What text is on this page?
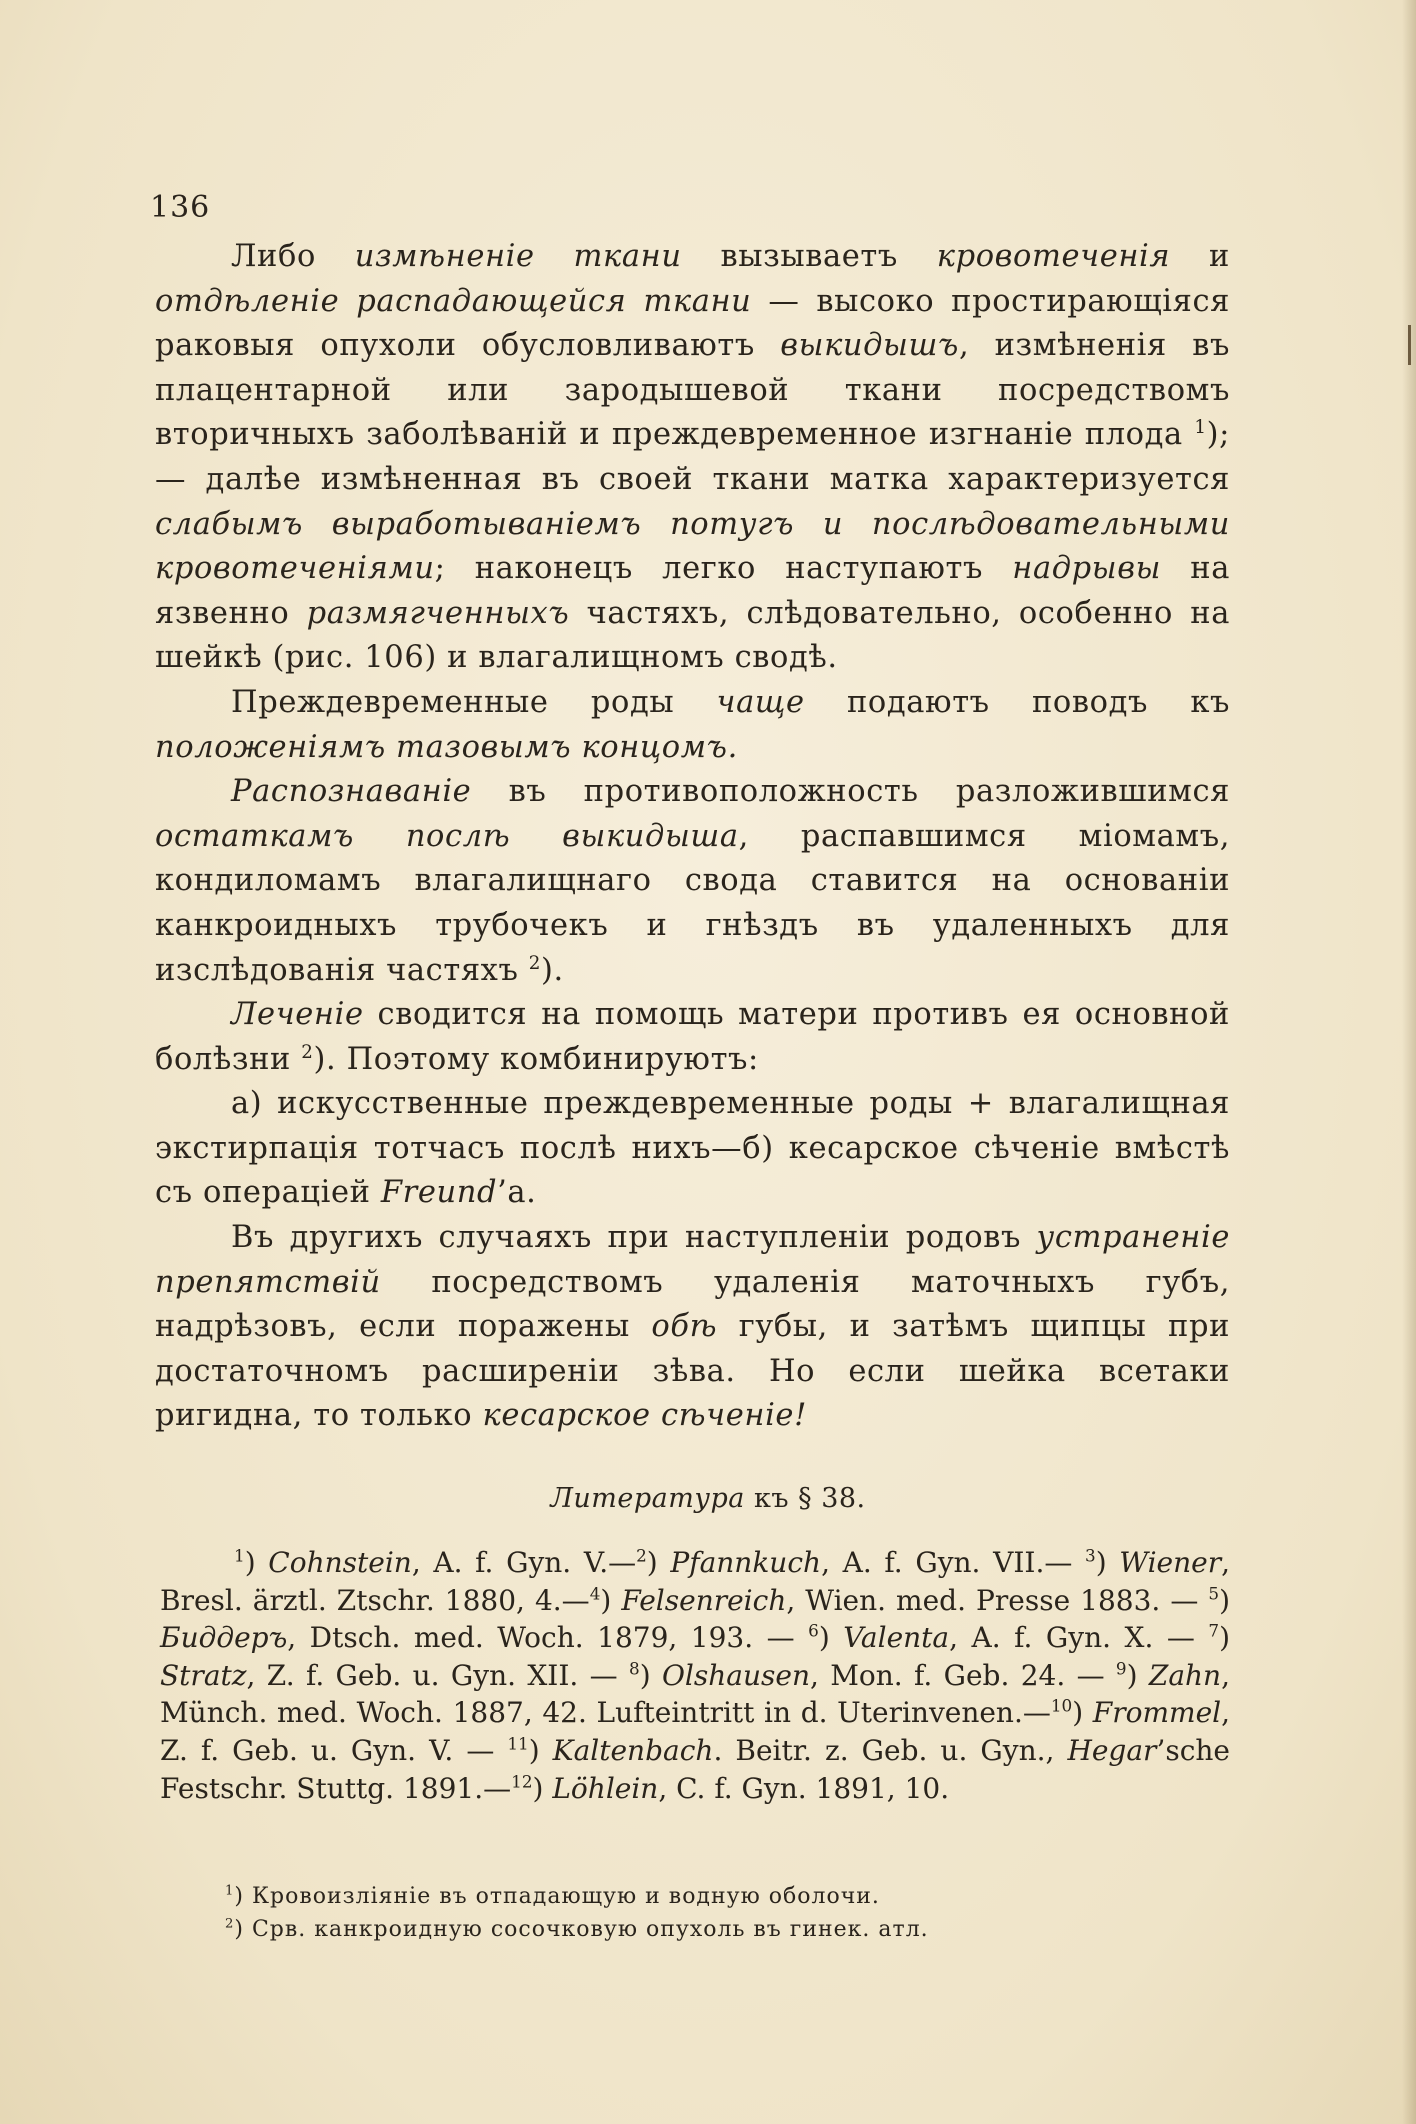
136

Либо измѣненіе ткани вызываетъ кровотеченія и отдѣленіе распадающейся ткани — высоко простирающіяся раковыя опухоли обусловливаютъ выкидышъ, измѣненія въ плацентарной или зародышевой ткани посредствомъ вторичныхъ заболѣваній и преждевременное изгнаніе плода $^1$); — далѣе измѣненная въ своей ткани матка характеризуется слабымъ выработываніемъ потугъ и послѣдовательными кровотеченіями; наконецъ легко наступаютъ надрывы на язвенно размягченныхъ частяхъ, слѣдовательно, особенно на шейкѣ (рис. 106) и влагалищномъ сводѣ.

Преждевременные роды чаще подаютъ поводъ къ положеніямъ тазовымъ концомъ.

Распознаваніе въ противоположность разложившимся остаткамъ послѣ выкидыша, распавшимся міомамъ, кондиломамъ влагалищнаго свода ставится на основаніи канкроидныхъ трубочекъ и гнѣздъ въ удаленныхъ для изслѣдованія частяхъ $^2$).

Леченіе сводится на помощь матери противъ ея основной болѣзни $^2$). Поэтому комбинируютъ:

а) искусственные преждевременные роды + влагалищная экстирпація тотчасъ послѣ нихъ—б) кесарское сѣченіе вмѣстѣ съ операціей Freund’а.

Въ другихъ случаяхъ при наступленіи родовъ устраненіе препятствій посредствомъ удаленія маточныхъ губъ, надрѣзовъ, если поражены обѣ губы, и затѣмъ щипцы при достаточномъ расширеніи зѣва. Но если шейка всетаки ригидна, то только кесарское сѣченіе!

Литература къ § 38.

$^1$) Cohnstein, A. f. Gyn. V.—$^2$) Pfannkuch, A. f. Gyn. VII.— $^3$) Wiener, Bresl. ärztl. Ztschr. 1880, 4.—$^4$) Felsenreich, Wien. med. Presse 1883. — $^5$) Биддеръ, Dtsch. med. Woch. 1879, 193. — $^6$) Valenta, A. f. Gyn. X. — $^7$) Stratz, Z. f. Geb. u. Gyn. XII. — $^8$) Olshausen, Mon. f. Geb. 24. — $^9$) Zahn, Münch. med. Woch. 1887, 42. Lufteintritt in d. Uterinvenen.—$^{10}$) Frommel, Z. f. Geb. u. Gyn. V. — $^{11}$) Kaltenbach. Beitr. z. Geb. u. Gyn., Hegar’sche Festschr. Stuttg. 1891.—$^{12}$) Löhlein, C. f. Gyn. 1891, 10.

$^1$) Кровоизліяніе въ отпадающую и водную оболочи.

$^2$) Срв. канкроидную сосочковую опухоль въ гинек. атл.
